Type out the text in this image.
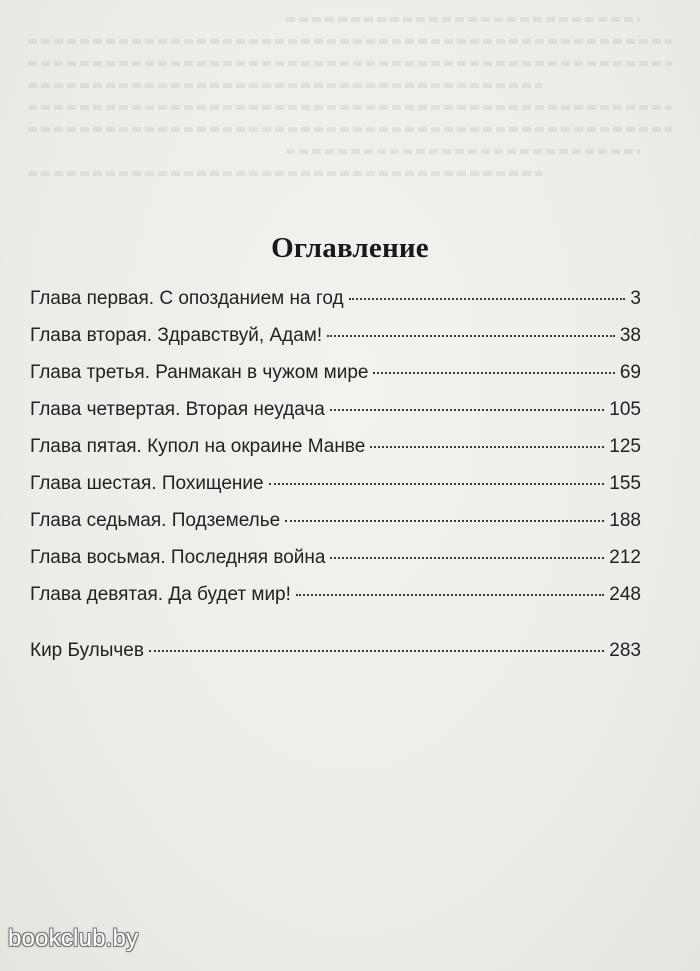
Оглавление
Глава первая. С опозданием на год	3
Глава вторая. Здравствуй, Адам!	38
Глава третья. Ранмакан в чужом мире	69
Глава четвертая. Вторая неудача	105
Глава пятая. Купол на окраине Манве	125
Глава шестая. Похищение	155
Глава седьмая. Подземелье	188
Глава восьмая. Последняя война	212
Глава девятая. Да будет мир!	248
Кир Булычев	283
bookclub.by
